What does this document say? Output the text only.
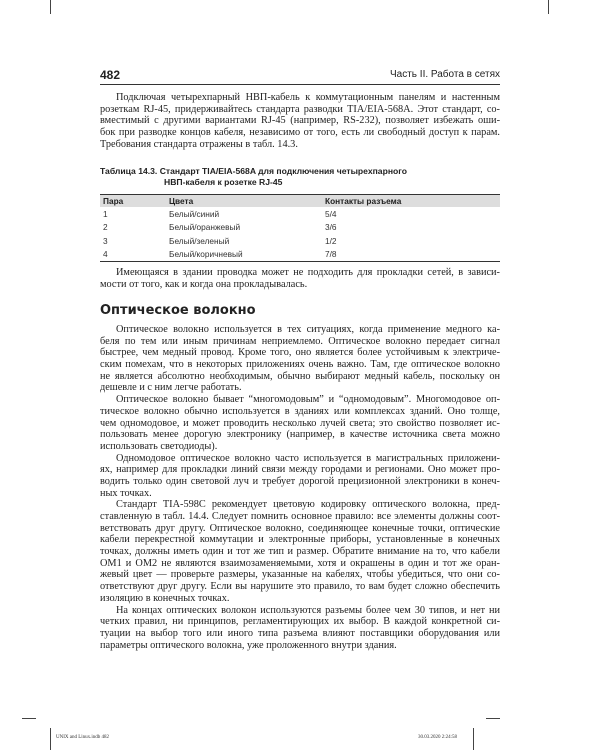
482	Часть II. Работа в сетях
Подключая четырехпарный НВП-кабель к коммутационным панелям и настенным
розеткам RJ-45, придерживайтесь стандарта разводки TIA/EIA-568A. Этот стандарт, со-
вместимый с другими вариантами RJ-45 (например, RS-232), позволяет избежать оши-
бок при разводке концов кабеля, независимо от того, есть ли свободный доступ к парам.
Требования стандарта отражены в табл. 14.3.
Таблица 14.3. Стандарт TIA/EIA-568A для подключения четырехпарного
НВП-кабеля к розетке RJ-45
Пара	Цвета	Контакты разъема
1	Белый/синий	5/4
2	Белый/оранжевый	3/6
3	Белый/зеленый	1/2
4	Белый/коричневый	7/8
Имеющаяся в здании проводка может не подходить для прокладки сетей, в зависи-
мости от того, как и когда она прокладывалась.
Оптическое волокно
Оптическое волокно используется в тех ситуациях, когда применение медного ка-
беля по тем или иным причинам неприемлемо. Оптическое волокно передает сигнал
быстрее, чем медный провод. Кроме того, оно является более устойчивым к электриче-
ским помехам, что в некоторых приложениях очень важно. Там, где оптическое волокно
не является абсолютно необходимым, обычно выбирают медный кабель, поскольку он
дешевле и с ним легче работать.
Оптическое волокно бывает “многомодовым” и “одномодовым”. Многомодовое оп-
тическое волокно обычно используется в зданиях или комплексах зданий. Оно толще,
чем одномодовое, и может проводить несколько лучей света; это свойство позволяет ис-
пользовать менее дорогую электронику (например, в качестве источника света можно
использовать светодиоды).
Одномодовое оптическое волокно часто используется в магистральных приложени-
ях, например для прокладки линий связи между городами и регионами. Оно может про-
водить только один световой луч и требует дорогой прецизионной электроники в конеч-
ных точках.
Стандарт TIA-598C рекомендует цветовую кодировку оптического волокна, пред-
ставленную в табл. 14.4. Следует помнить основное правило: все элементы должны соот-
ветствовать друг другу. Оптическое волокно, соединяющее конечные точки, оптические
кабели перекрестной коммутации и электронные приборы, установленные в конечных
точках, должны иметь один и тот же тип и размер. Обратите внимание на то, что кабели
OM1 и OM2 не являются взаимозаменяемыми, хотя и окрашены в один и тот же оран-
жевый цвет — проверьте размеры, указанные на кабелях, чтобы убедиться, что они со-
ответствуют друг другу. Если вы нарушите это правило, то вам будет сложно обеспечить
изоляцию в конечных точках.
На концах оптических волокон используются разъемы более чем 30 типов, и нет ни
четких правил, ни принципов, регламентирующих их выбор. В каждой конкретной си-
туации на выбор того или иного типа разъема влияют поставщики оборудования или
параметры оптического волокна, уже проложенного внутри здания.
UNIX and Linux.indb 482	30.03.2020 2:24:58
